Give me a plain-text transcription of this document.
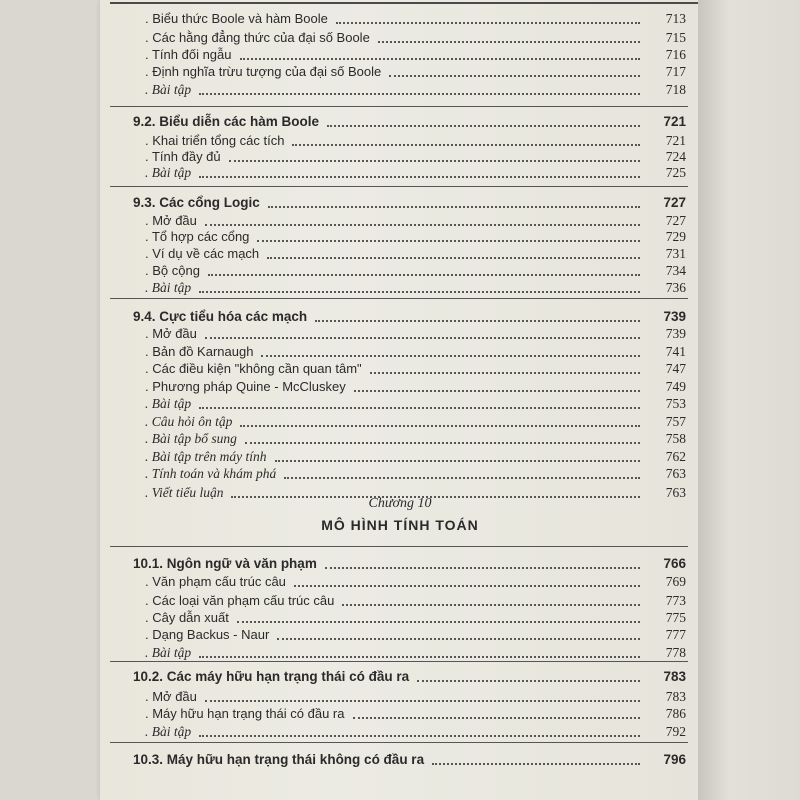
. Biểu thức Boole và hàm Boole	713
. Các hằng đẳng thức của đại số Boole	715
. Tính đối ngẫu	716
. Định nghĩa trừu tượng của đại số Boole	717
. Bài tập	718
9.2. Biểu diễn các hàm Boole	721
. Khai triển tổng các tích	721
. Tính đầy đủ	724
. Bài tập	725
9.3. Các cổng Logic	727
. Mở đầu	727
. Tổ hợp các cổng	729
. Ví dụ về các mạch	731
. Bộ cộng	734
. Bài tập	736
9.4. Cực tiểu hóa các mạch	739
. Mở đầu	739
. Bản đồ Karnaugh	741
. Các điều kiện "không cần quan tâm"	747
. Phương pháp Quine - McCluskey	749
. Bài tập	753
. Câu hỏi ôn tập	757
. Bài tập bổ sung	758
. Bài tập trên máy tính	762
. Tính toán và khám phá	763
. Viết tiểu luận	763
10.1. Ngôn ngữ và văn phạm	766
. Văn phạm cấu trúc câu	769
. Các loại văn phạm cấu trúc câu	773
. Cây dẫn xuất	775
. Dạng Backus - Naur	777
. Bài tập	778
10.2. Các máy hữu hạn trạng thái có đầu ra	783
. Mở đầu	783
. Máy hữu hạn trạng thái có đầu ra	786
. Bài tập	792
10.3. Máy hữu hạn trạng thái không có đầu ra	796
Chương 10
MÔ HÌNH TÍNH TOÁN
